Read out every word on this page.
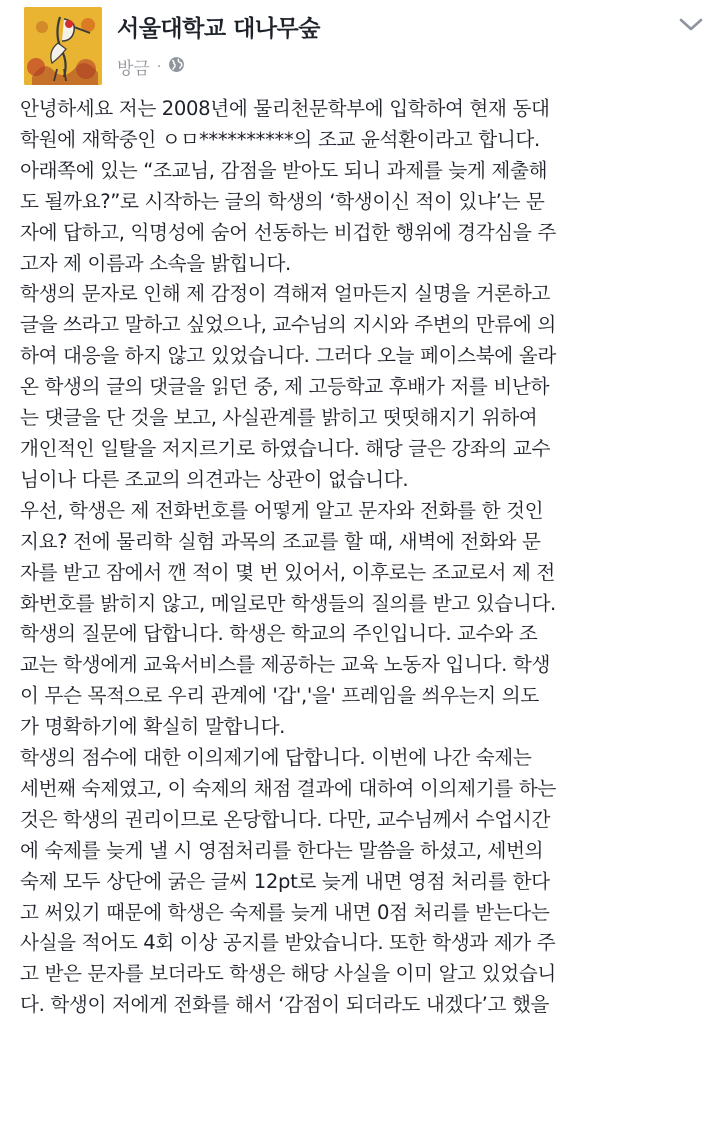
서울대학교 대나무숲
방금 ·

안녕하세요 저는 2008년에 물리천문학부에 입학하여 현재 동대

학원에 재학중인 ㅇㅁ**********의 조교 윤석환이라고 합니다.

아래쪽에 있는 “조교님, 감점을 받아도 되니 과제를 늦게 제출해

도 될까요?”로 시작하는 글의 학생의 ‘학생이신 적이 있냐’는 문

자에 답하고, 익명성에 숨어 선동하는 비겁한 행위에 경각심을 주

고자 제 이름과 소속을 밝힙니다.

학생의 문자로 인해 제 감정이 격해져 얼마든지 실명을 거론하고

글을 쓰라고 말하고 싶었으나, 교수님의 지시와 주변의 만류에 의

하여 대응을 하지 않고 있었습니다. 그러다 오늘 페이스북에 올라

온 학생의 글의 댓글을 읽던 중, 제 고등학교 후배가 저를 비난하

는 댓글을 단 것을 보고, 사실관계를 밝히고 떳떳해지기 위하여

개인적인 일탈을 저지르기로 하였습니다. 해당 글은 강좌의 교수

님이나 다른 조교의 의견과는 상관이 없습니다.

우선, 학생은 제 전화번호를 어떻게 알고 문자와 전화를 한 것인

지요? 전에 물리학 실험 과목의 조교를 할 때, 새벽에 전화와 문

자를 받고 잠에서 깬 적이 몇 번 있어서, 이후로는 조교로서 제 전

화번호를 밝히지 않고, 메일로만 학생들의 질의를 받고 있습니다.

학생의 질문에 답합니다. 학생은 학교의 주인입니다. 교수와 조

교는 학생에게 교육서비스를 제공하는 교육 노동자 입니다. 학생

이 무슨 목적으로 우리 관계에 '갑','을' 프레임을 씌우는지 의도

가 명확하기에 확실히 말합니다.

학생의 점수에 대한 이의제기에 답합니다. 이번에 나간 숙제는

세번째 숙제였고, 이 숙제의 채점 결과에 대하여 이의제기를 하는

것은 학생의 권리이므로 온당합니다. 다만, 교수님께서 수업시간

에 숙제를 늦게 낼 시 영점처리를 한다는 말씀을 하셨고, 세번의

숙제 모두 상단에 굵은 글씨 12pt로 늦게 내면 영점 처리를 한다

고 써있기 때문에 학생은 숙제를 늦게 내면 0점 처리를 받는다는

사실을 적어도 4회 이상 공지를 받았습니다. 또한 학생과 제가 주

고 받은 문자를 보더라도 학생은 해당 사실을 이미 알고 있었습니

다. 학생이 저에게 전화를 해서 ‘감점이 되더라도 내겠다’고 했을
